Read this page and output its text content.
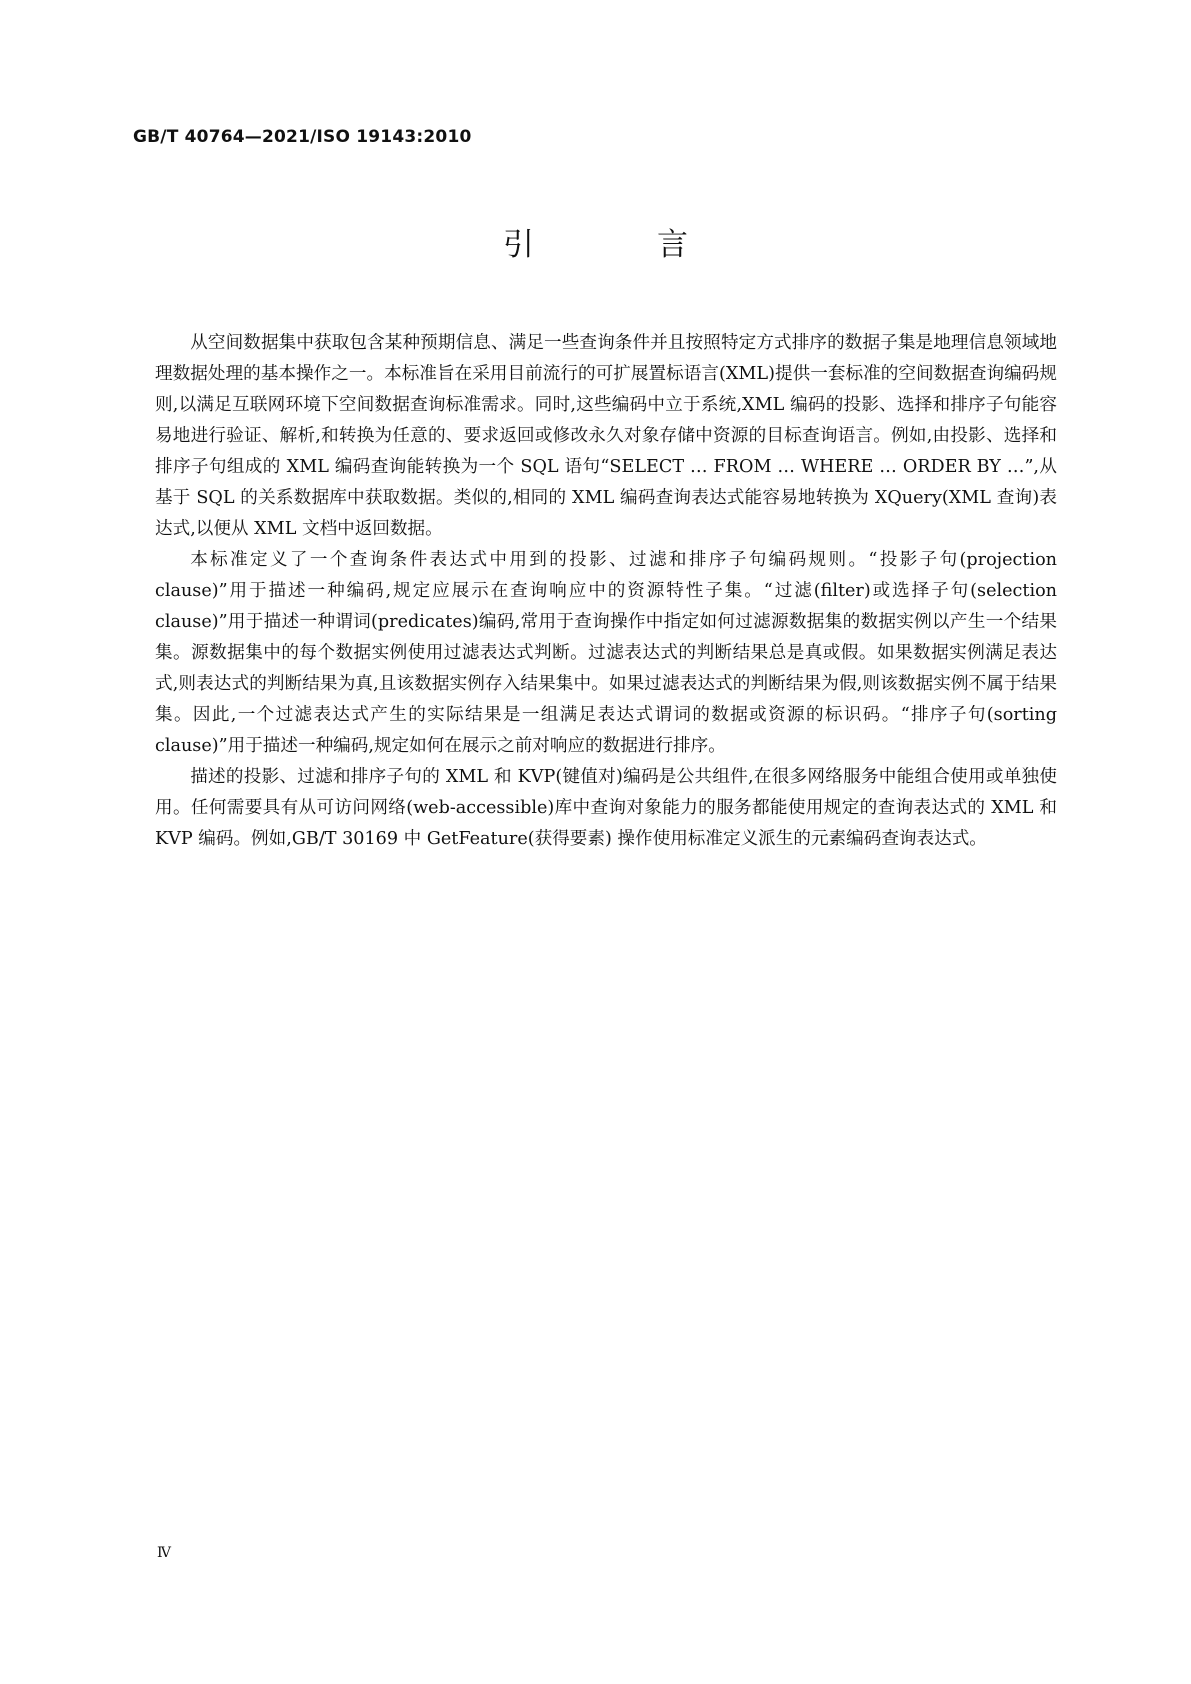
GB/T 40764—2021/ISO 19143:2010
引　言

从空间数据集中获取包含某种预期信息、满足一些查询条件并且按照特定方式排序的数据子集是地理信息领域地理数据处理的基本操作之一。本标准旨在采用目前流行的可扩展置标语言(XML)提供一套标准的空间数据查询编码规则,以满足互联网环境下空间数据查询标准需求。同时,这些编码中立于系统,XML 编码的投影、选择和排序子句能容易地进行验证、解析,和转换为任意的、要求返回或修改永久对象存储中资源的目标查询语言。例如,由投影、选择和排序子句组成的 XML 编码查询能转换为一个 SQL 语句“SELECT … FROM … WHERE … ORDER BY …”,从基于 SQL 的关系数据库中获取数据。类似的,相同的 XML 编码查询表达式能容易地转换为 XQuery(XML 查询)表达式,以便从 XML 文档中返回数据。

本标准定义了一个查询条件表达式中用到的投影、过滤和排序子句编码规则。“投影子句(projection clause)”用于描述一种编码,规定应展示在查询响应中的资源特性子集。“过滤(filter)或选择子句(selection clause)”用于描述一种谓词(predicates)编码,常用于查询操作中指定如何过滤源数据集的数据实例以产生一个结果集。源数据集中的每个数据实例使用过滤表达式判断。过滤表达式的判断结果总是真或假。如果数据实例满足表达式,则表达式的判断结果为真,且该数据实例存入结果集中。如果过滤表达式的判断结果为假,则该数据实例不属于结果集。因此,一个过滤表达式产生的实际结果是一组满足表达式谓词的数据或资源的标识码。“排序子句(sorting clause)”用于描述一种编码,规定如何在展示之前对响应的数据进行排序。

描述的投影、过滤和排序子句的 XML 和 KVP(键值对)编码是公共组件,在很多网络服务中能组合使用或单独使用。任何需要具有从可访问网络(web-accessible)库中查询对象能力的服务都能使用规定的查询表达式的 XML 和 KVP 编码。例如,GB/T 30169 中 GetFeature(获得要素) 操作使用标准定义派生的元素编码查询表达式。

Ⅳ
